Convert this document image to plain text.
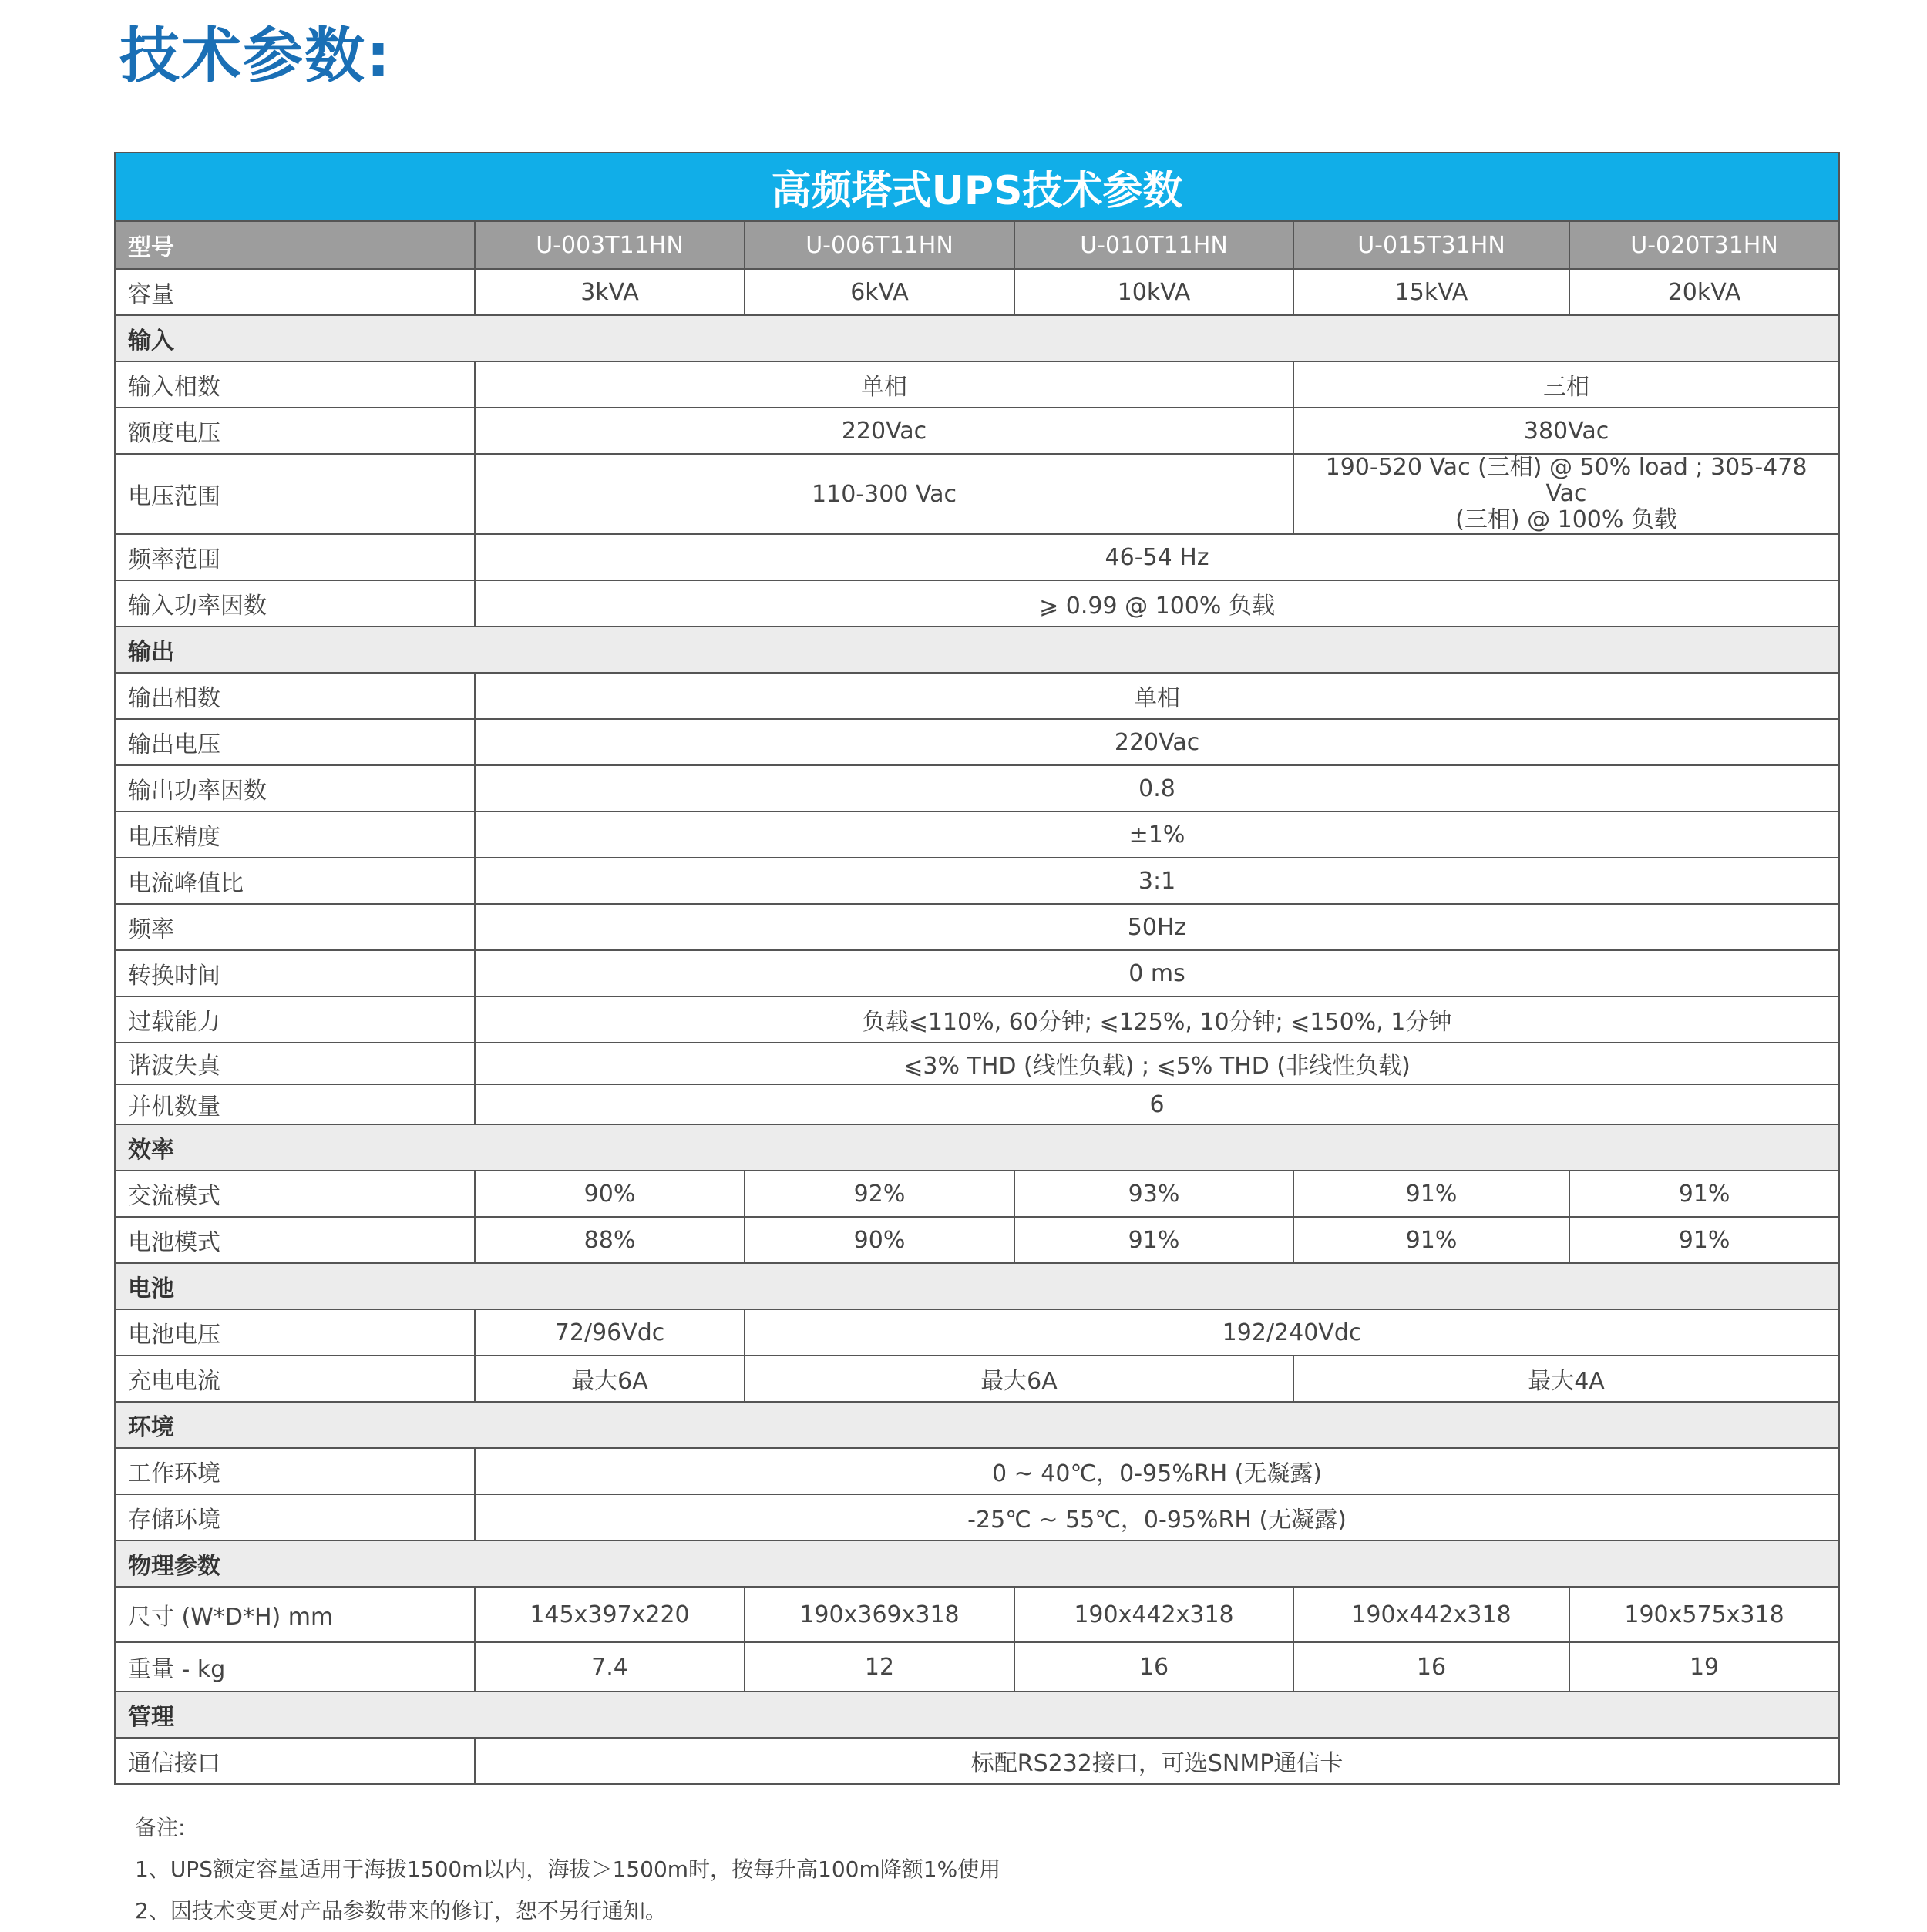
技术参数:
高频塔式UPS技术参数					
型号	U-003T11HN	U-006T11HN	U-010T11HN	U-015T31HN	U-020T31HN
容量	3kVA	6kVA	10kVA	15kVA	20kVA
输入					
输入相数	单相			三相	
额度电压	220Vac			380Vac	
电压范围	110-300 Vac			190-520 Vac (三相) @ 50% load ; 305-478 Vac
(三相) @ 100% 负载	

频率范围	46-54 Hz				
输入功率因数	⩾ 0.99 @ 100% 负载				
输出					
输出相数	单相				
输出电压	220Vac				
输出功率因数	0.8				
电压精度	±1%				
电流峰值比	3:1				
频率	50Hz				
转换时间	0 ms				
过载能力	负载⩽110%, 60分钟; ⩽125%, 10分钟; ⩽150%, 1分钟				
谐波失真	⩽3% THD (线性负载) ; ⩽5% THD (非线性负载)				
并机数量	6				
效率					
交流模式	90%	92%	93%	91%	91%
电池模式	88%	90%	91%	91%	91%
电池					
电池电压	72/96Vdc	192/240Vdc			
充电电流	最大6A	最大6A		最大4A	
环境					
工作环境	0 ~ 40℃，0-95%RH (无凝露)				
存储环境	-25℃ ~ 55℃，0-95%RH (无凝露)				
物理参数					
尺寸 (W*D*H) mm	145x397x220	190x369x318	190x442x318	190x442x318	190x575x318
重量 - kg	7.4	12	16	16	19
管理					
通信接口	标配RS232接口，可选SNMP通信卡				
备注:
1、UPS额定容量适用于海拔1500m以内，海拔＞1500m时，按每升高100m降额1%使用
2、因技术变更对产品参数带来的修订，恕不另行通知。
